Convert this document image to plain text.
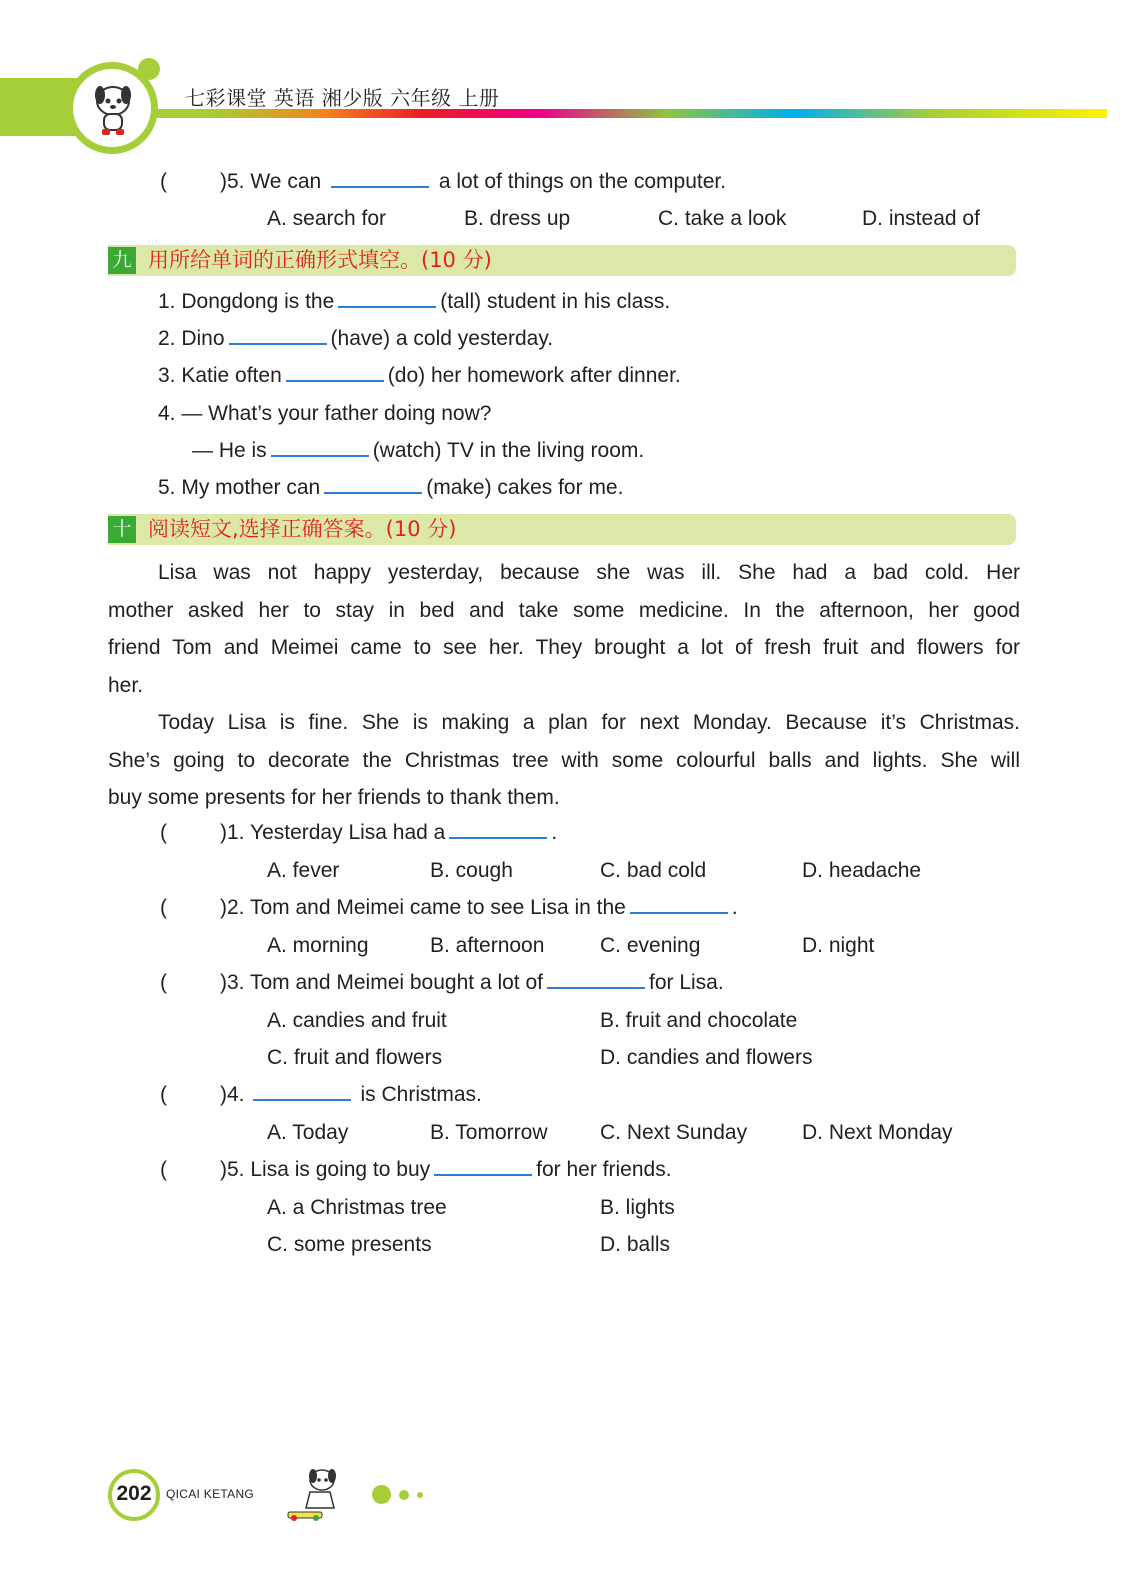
七彩课堂 英语 湘少版 六年级 上册
(	)5. We can	a lot of things on the computer.
A. search for	B. dress up	C. take a look	D. instead of
九 用所给单词的正确形式填空。(10 分)
1. Dongdong is the	(tall) student in his class.
2. Dino	(have) a cold yesterday.
3. Katie often	(do) her homework after dinner.
4. — What’s your father doing now?
— He is	(watch) TV in the living room.
5. My mother can	(make) cakes for me.
十 阅读短文,选择正确答案。(10 分)
Lisa was not happy yesterday, because she was ill. She had a bad cold. Her
mother asked her to stay in bed and take some medicine. In the afternoon, her good
friend Tom and Meimei came to see her. They brought a lot of fresh fruit and flowers for
her.
Today Lisa is fine. She is making a plan for next Monday. Because it’s Christmas.
She’s going to decorate the Christmas tree with some colourful balls and lights. She will
buy some presents for her friends to thank them.
(	)1. Yesterday Lisa had a	.
A. fever	B. cough	C. bad cold	D. headache
(	)2. Tom and Meimei came to see Lisa in the	.
A. morning	B. afternoon	C. evening	D. night
(	)3. Tom and Meimei bought a lot of	for Lisa.
A. candies and fruit	B. fruit and chocolate
C. fruit and flowers	D. candies and flowers
(	)4.	is Christmas.
A. Today	B. Tomorrow	C. Next Sunday	D. Next Monday
(	)5. Lisa is going to buy	for her friends.
A. a Christmas tree	B. lights
C. some presents	D. balls
202	QICAI KETANG
